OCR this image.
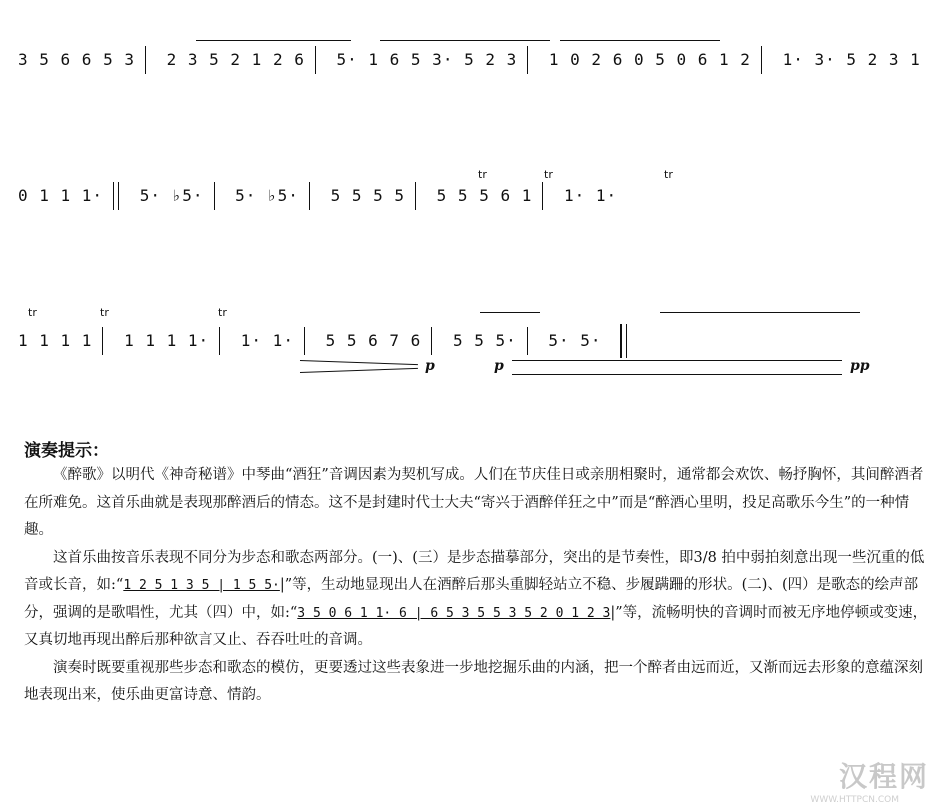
3 5 6 6 5 3 2 3 5 2 1 2 6 5· 1 6 5 3· 5 2 3 1 0 2 6 0 5 0 6 1 2 1· 3· 5 2 3 1
0 1 1 1· 5· ♭5· 5· ♭5· 5 5 5 5 5 5 5 6 1 1· 1·
tr	tr	tr
1 1 1 1 1 1 1 1· 1· 1· 5 5 6 7 6 5 5 5· 5· 5·
tr	tr	tr
p	p	pp
演奏提示：

《醉歌》以明代《神奇秘谱》中琴曲“酒狂”音调因素为契机写成。人们在节庆佳日或亲朋相聚时，通常都会欢饮、畅抒胸怀，其间醉酒者在所难免。这首乐曲就是表现那醉酒后的情态。这不是封建时代士大夫“寄兴于酒醉佯狂之中”而是“醉酒心里明，投足高歌乐今生”的一种情趣。

这首乐曲按音乐表现不同分为步态和歌态两部分。(一)、(三）是步态描摹部分，突出的是节奏性，即3/8 拍中弱拍刻意出现一些沉重的低音或长音，如:“1 2 5 1 3 5 | 1 5 5·|”等，生动地显现出人在酒醉后那头重脚轻站立不稳、步履蹒跚的形状。(二)、(四）是歌态的绘声部分，强调的是歌唱性，尤其（四）中，如:“3 5 0 6 1 1· 6 | 6 5 3 5 5 3 5 2 0 1 2 3|”等，流畅明快的音调时而被无序地停顿或变速，又真切地再现出醉后那种欲言又止、吞吞吐吐的音调。

演奏时既要重视那些步态和歌态的模仿，更要透过这些表象进一步地挖掘乐曲的内涵，把一个醉者由远而近，又渐而远去形象的意蕴深刻地表现出来，使乐曲更富诗意、情韵。

汉程网
WWW.HTTPCN.COM
